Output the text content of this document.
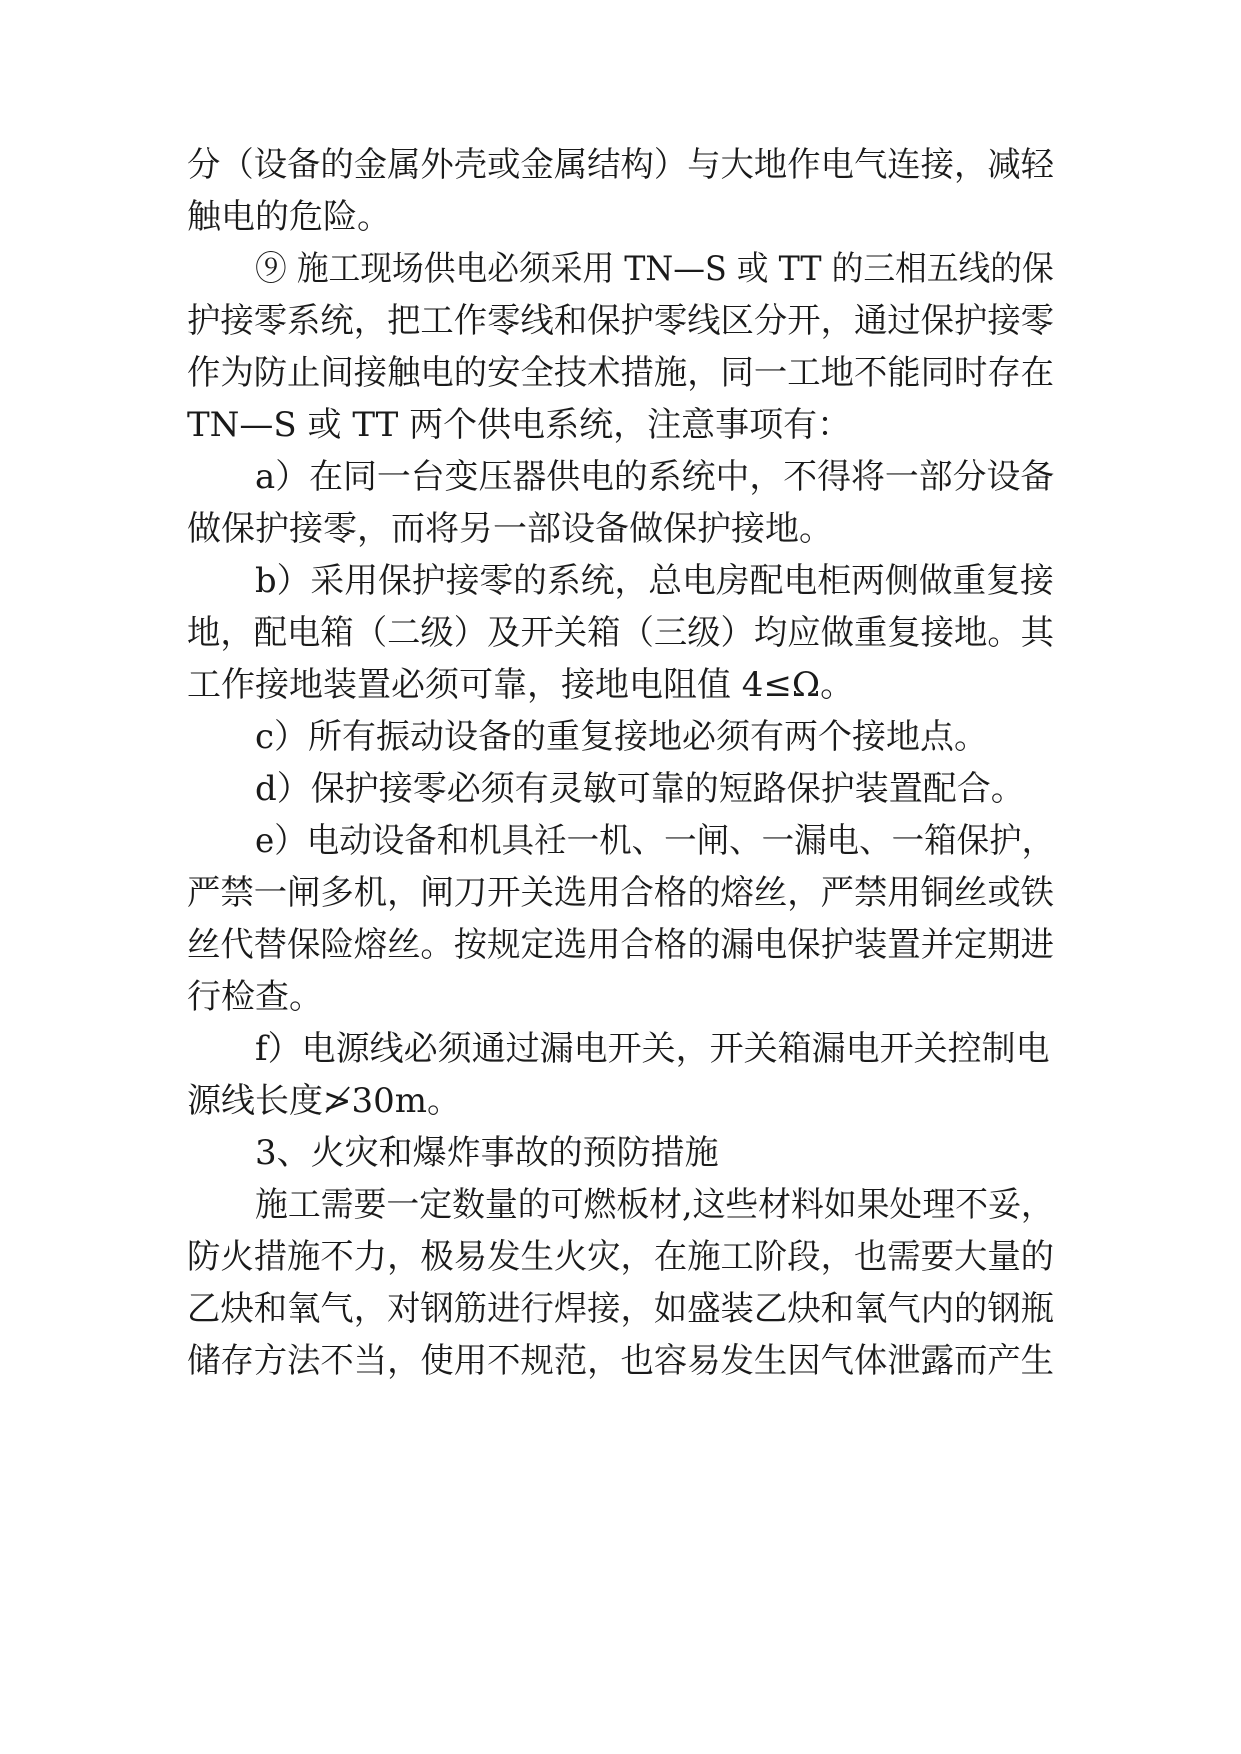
分（设备的金属外壳或金属结构）与大地作电气连接，减轻
触电的危险。
⑨ 施工现场供电必须采用 TN—S 或 TT 的三相五线的保
护接零系统，把工作零线和保护零线区分开，通过保护接零
作为防止间接触电的安全技术措施，同一工地不能同时存在
TN—S 或 TT 两个供电系统，注意事项有：
a）在同一台变压器供电的系统中，不得将一部分设备
做保护接零，而将另一部设备做保护接地。
b）采用保护接零的系统，总电房配电柜两侧做重复接
地，配电箱（二级）及开关箱（三级）均应做重复接地。其
工作接地装置必须可靠，接地电阻值 4≤Ω。
c）所有振动设备的重复接地必须有两个接地点。
d）保护接零必须有灵敏可靠的短路保护装置配合。
e）电动设备和机具祍一机、一闸、一漏电、一箱保护，
严禁一闸多机，闸刀开关选用合格的熔丝，严禁用铜丝或铁
丝代替保险熔丝。按规定选用合格的漏电保护装置并定期进
行检查。
f）电源线必须通过漏电开关，开关箱漏电开关控制电
源线长度≯30m。
3、火灾和爆炸事故的预防措施
施工需要一定数量的可燃板材,这些材料如果处理不妥，
防火措施不力，极易发生火灾，在施工阶段，也需要大量的
乙炔和氧气，对钢筋进行焊接，如盛装乙炔和氧气内的钢瓶
储存方法不当，使用不规范，也容易发生因气体泄露而产生
